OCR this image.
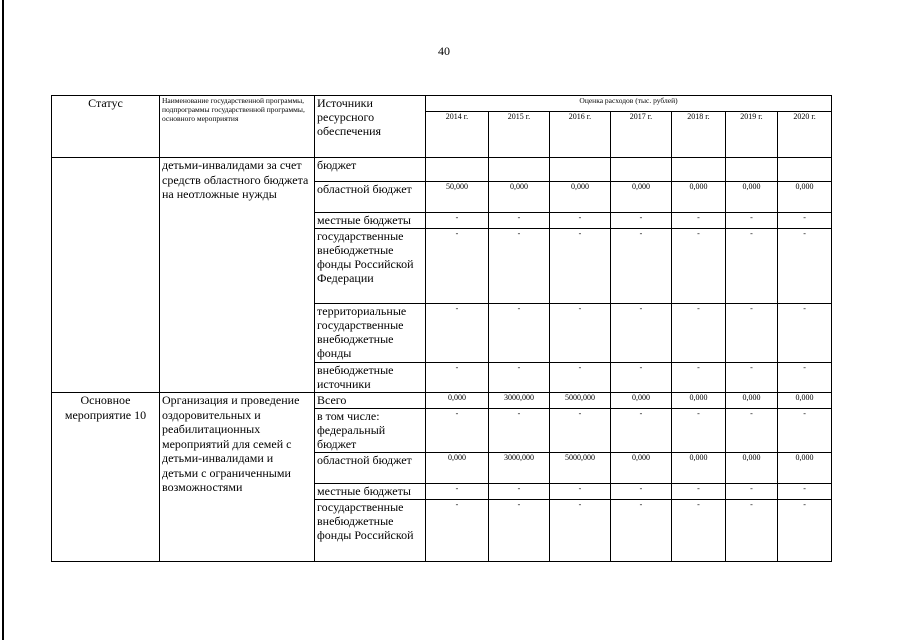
40
Статус	Наименование государственной программы, подпрограммы государственной программы, основного мероприятия	Источники ресурсного обеспечения	Оценка расходов (тыс. рублей)						
			2014 г.	2015 г.	2016 г.	2017 г.	2018 г.	2019 г.	2020 г.
	детьми-инвалидами за счет средств областного бюджета на неотложные нужды	бюджет							
		областной бюджет	50,000	0,000	0,000	0,000	0,000	0,000	0,000
		местные бюджеты	-	-	-	-	-	-	-
		государственные внебюджетные фонды Российской Федерации	-	-	-	-	-	-	-
		территориальные государственные внебюджетные фонды	-	-	-	-	-	-	-
		внебюджетные источники	-	-	-	-	-	-	-
Основное мероприятие 10	Организация и проведение оздоровительных и реабилитационных мероприятий для семей с детьми-инвалидами и детьми с ограниченными возможностями	Всего	0,000	3000,000	5000,000	0,000	0,000	0,000	0,000
		в том числе: федеральный бюджет	-	-	-	-	-	-	-
		областной бюджет	0,000	3000,000	5000,000	0,000	0,000	0,000	0,000
		местные бюджеты	-	-	-	-	-	-	-
		государственные внебюджетные фонды Российской	-	-	-	-	-	-	-
